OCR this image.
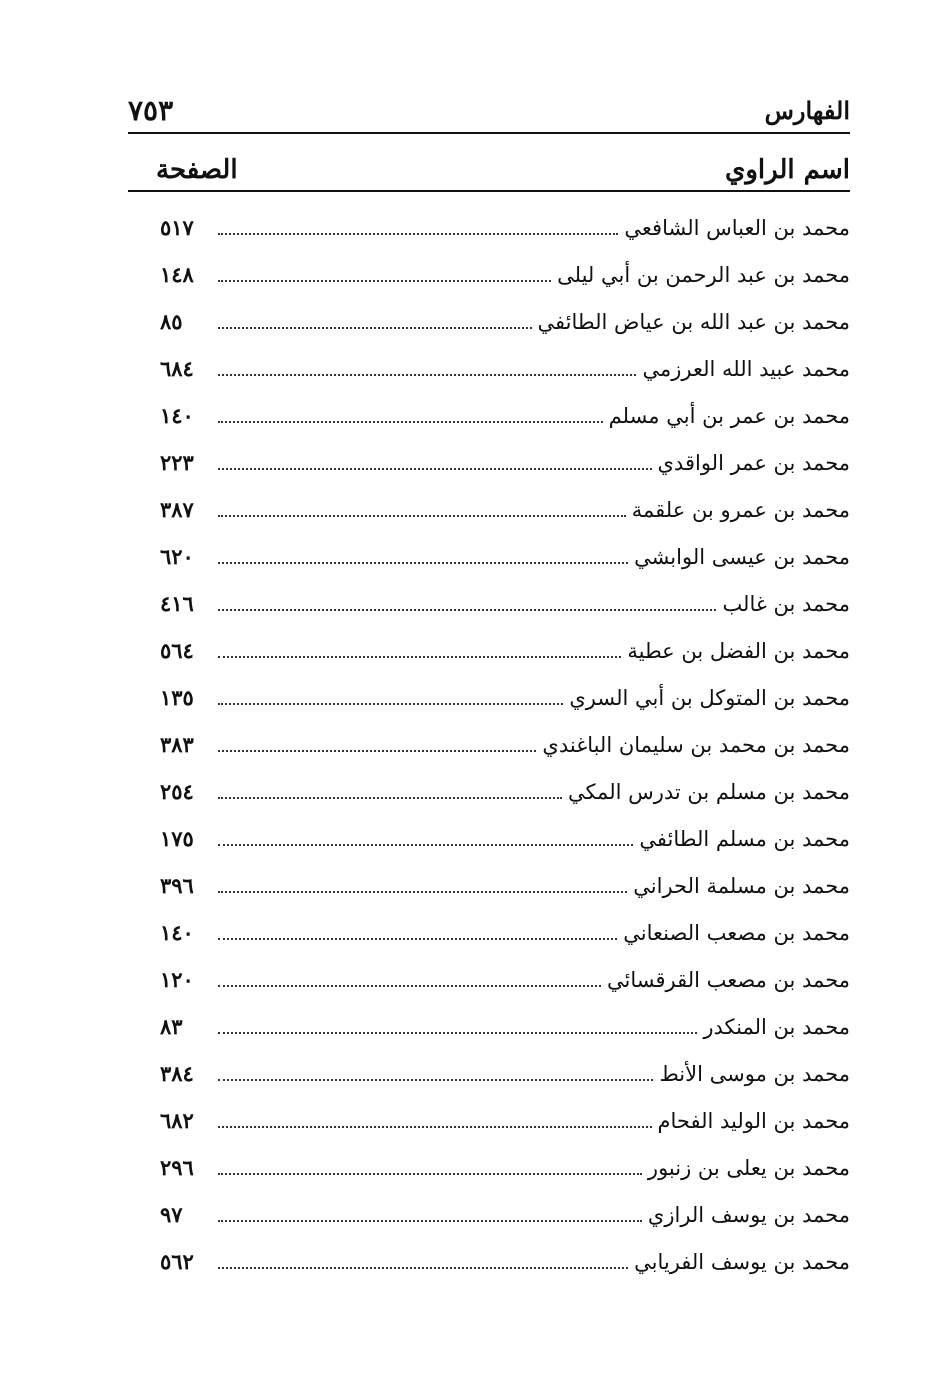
الفهارس
٧٥٣
اسم الراوي
الصفحة
محمد بن العباس الشافعي
٥١٧
محمد بن عبد الرحمن بن أبي ليلى
١٤٨
محمد بن عبد الله بن عياض الطائفي
٨٥
محمد عبيد الله العرزمي
٦٨٤
محمد بن عمر بن أبي مسلم
١٤٠
محمد بن عمر الواقدي
٢٢٣
محمد بن عمرو بن علقمة
٣٨٧
محمد بن عيسى الوابشي
٦٢٠
محمد بن غالب
٤١٦
محمد بن الفضل بن عطية
٥٦٤
محمد بن المتوكل بن أبي السري
١٣٥
محمد بن محمد بن سليمان الباغندي
٣٨٣
محمد بن مسلم بن تدرس المكي
٢٥٤
محمد بن مسلم الطائفي
١٧٥
محمد بن مسلمة الحراني
٣٩٦
محمد بن مصعب الصنعاني
١٤٠
محمد بن مصعب القرقسائي
١٢٠
محمد بن المنكدر
٨٣
محمد بن موسى الأنط
٣٨٤
محمد بن الوليد الفحام
٦٨٢
محمد بن يعلى بن زنبور
٢٩٦
محمد بن يوسف الرازي
٩٧
محمد بن يوسف الفريابي
٥٦٢
